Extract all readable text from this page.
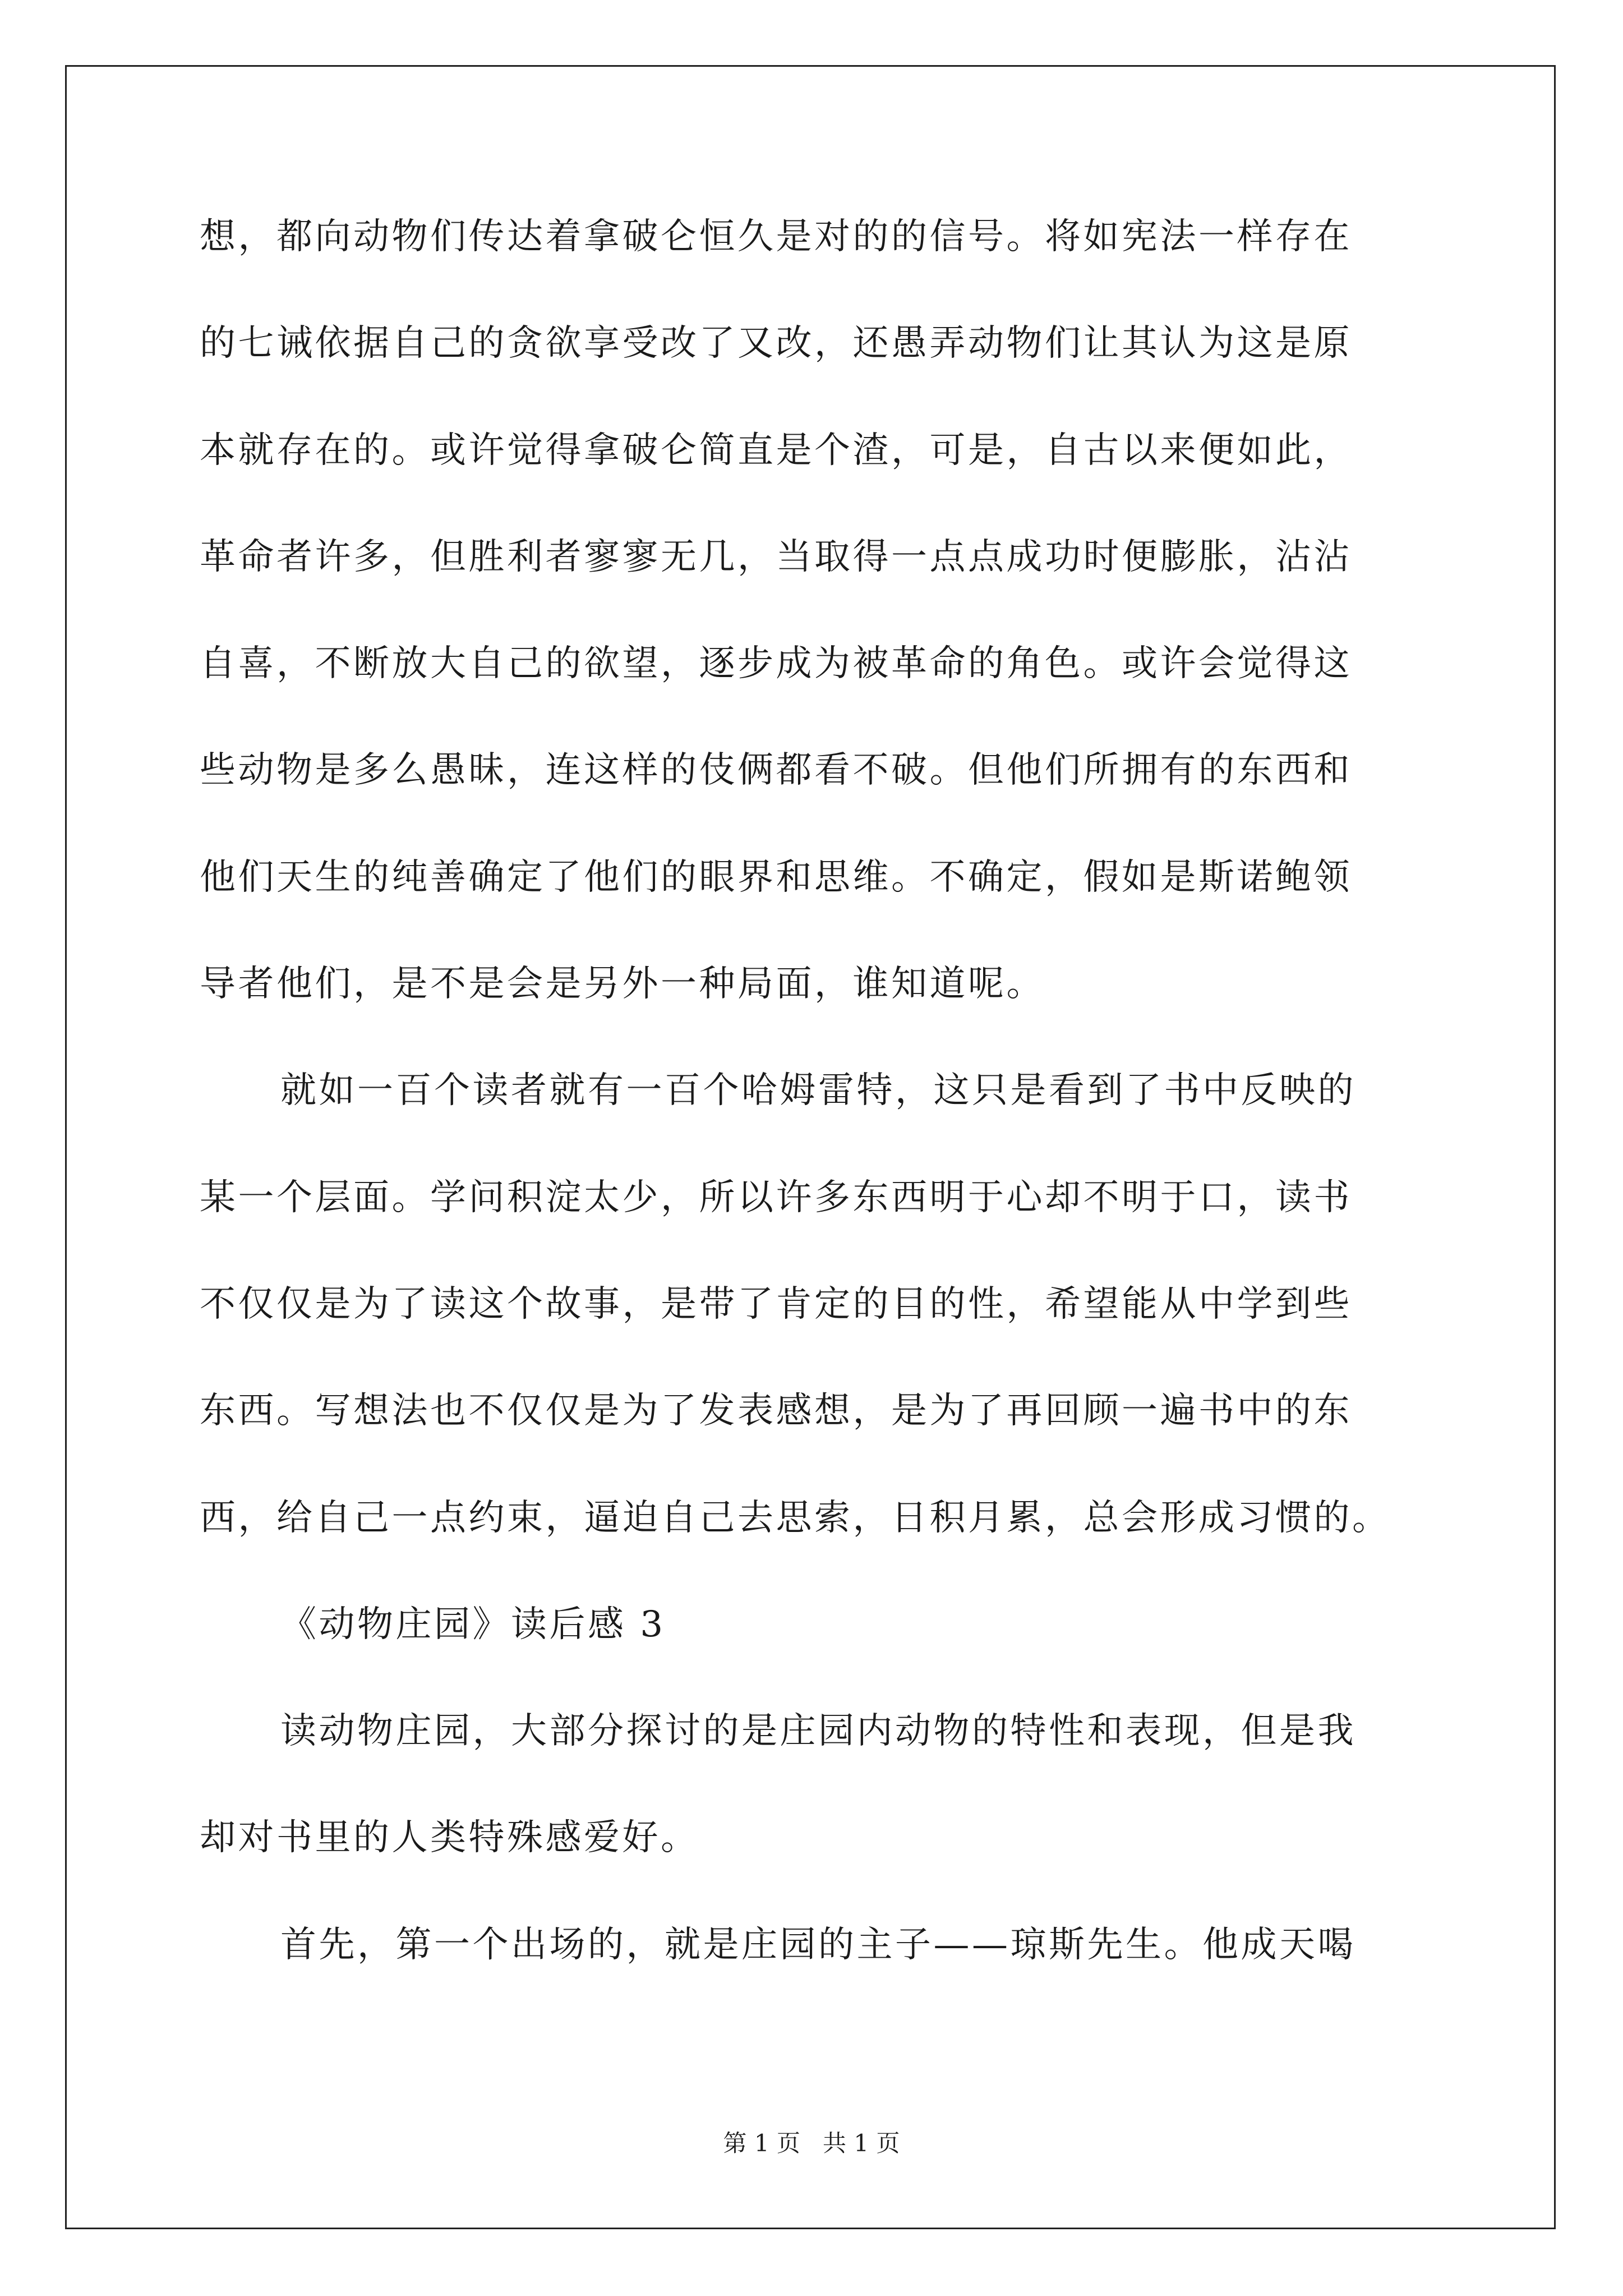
想，都向动物们传达着拿破仑恒久是对的的信号。将如宪法一样存在
的七诫依据自己的贪欲享受改了又改，还愚弄动物们让其认为这是原
本就存在的。或许觉得拿破仑简直是个渣，可是，自古以来便如此，
革命者许多，但胜利者寥寥无几，当取得一点点成功时便膨胀，沾沾
自喜，不断放大自己的欲望，逐步成为被革命的角色。或许会觉得这
些动物是多么愚昧，连这样的伎俩都看不破。但他们所拥有的东西和
他们天生的纯善确定了他们的眼界和思维。不确定，假如是斯诺鲍领
导者他们，是不是会是另外一种局面，谁知道呢。
就如一百个读者就有一百个哈姆雷特，这只是看到了书中反映的
某一个层面。学问积淀太少，所以许多东西明于心却不明于口，读书
不仅仅是为了读这个故事，是带了肯定的目的性，希望能从中学到些
东西。写想法也不仅仅是为了发表感想，是为了再回顾一遍书中的东
西，给自己一点约束，逼迫自己去思索，日积月累，总会形成习惯的。
《动物庄园》读后感 3
读动物庄园，大部分探讨的是庄园内动物的特性和表现，但是我
却对书里的人类特殊感爱好。
首先，第一个出场的，就是庄园的主子——琼斯先生。他成天喝
第 1 页   共 1 页
